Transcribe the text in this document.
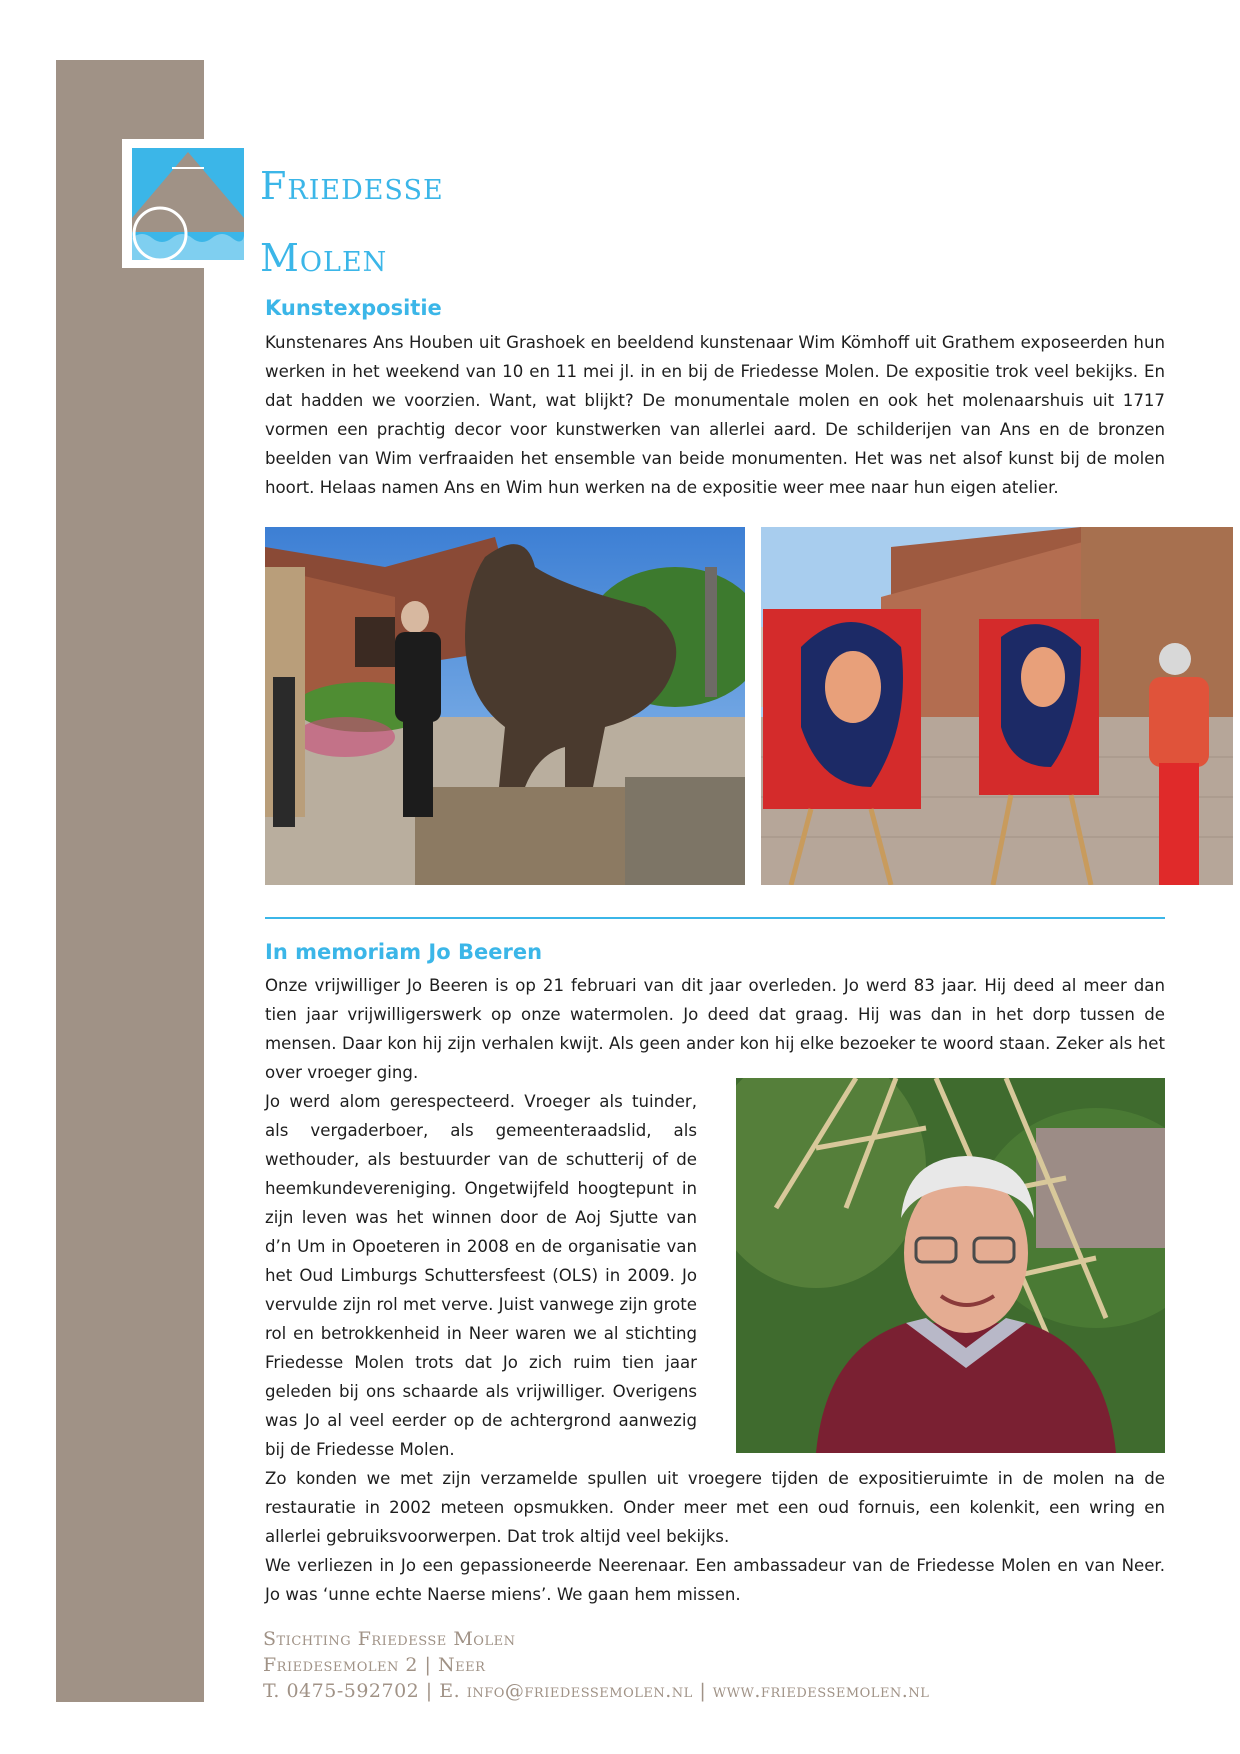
Friedesse
Molen
Kunstexpositie

Kunstenares Ans Houben uit Grashoek en beeldend kunstenaar Wim Kömhoff uit Grathem exposeerden hun werken in het weekend van 10 en 11 mei jl. in en bij de Friedesse Molen. De expositie trok veel bekijks. En dat hadden we voorzien. Want, wat blijkt? De monumentale molen en ook het molenaarshuis uit 1717 vormen een prachtig decor voor kunstwerken van allerlei aard. De schilderijen van Ans en de bronzen beelden van Wim verfraaiden het ensemble van beide monumenten. Het was net alsof kunst bij de molen hoort. Helaas namen Ans en Wim hun werken na de expositie weer mee naar hun eigen atelier.

In memoriam Jo Beeren

Onze vrijwilliger Jo Beeren is op 21 februari van dit jaar overleden. Jo werd 83 jaar. Hij deed al meer dan tien jaar vrijwilligerswerk op onze watermolen. Jo deed dat graag. Hij was dan in het dorp tussen de mensen. Daar kon hij zijn verhalen kwijt. Als geen ander kon hij elke bezoeker te woord staan. Zeker als het over vroeger ging.

Jo werd alom gerespecteerd. Vroeger als tuinder, als vergaderboer, als gemeenteraadslid, als wethouder, als bestuurder van de schutterij of de heemkundevereniging. Ongetwijfeld hoogtepunt in zijn leven was het winnen door de Aoj Sjutte van d’n Um in Opoeteren in 2008 en de organisatie van het Oud Limburgs Schuttersfeest (OLS) in 2009. Jo vervulde zijn rol met verve. Juist vanwege zijn grote rol en betrokkenheid in Neer waren we al stichting Friedesse Molen trots dat Jo zich ruim tien jaar geleden bij ons schaarde als vrijwilliger. Overigens was Jo al veel eerder op de achtergrond aanwezig bij de Friedesse Molen.

Zo konden we met zijn verzamelde spullen uit vroegere tijden de expositieruimte in de molen na de restauratie in 2002 meteen opsmukken. Onder meer met een oud fornuis, een kolenkit, een wring en allerlei gebruiksvoorwerpen. Dat trok altijd veel bekijks.

We verliezen in Jo een gepassioneerde Neerenaar. Een ambassadeur van de Friedesse Molen en van Neer. Jo was ‘unne echte Naerse miens’. We gaan hem missen.

Stichting Friedesse Molen
Friedesemolen 2 | Neer
T. 0475-592702 | E. info@friedessemolen.nl | www.friedessemolen.nl
